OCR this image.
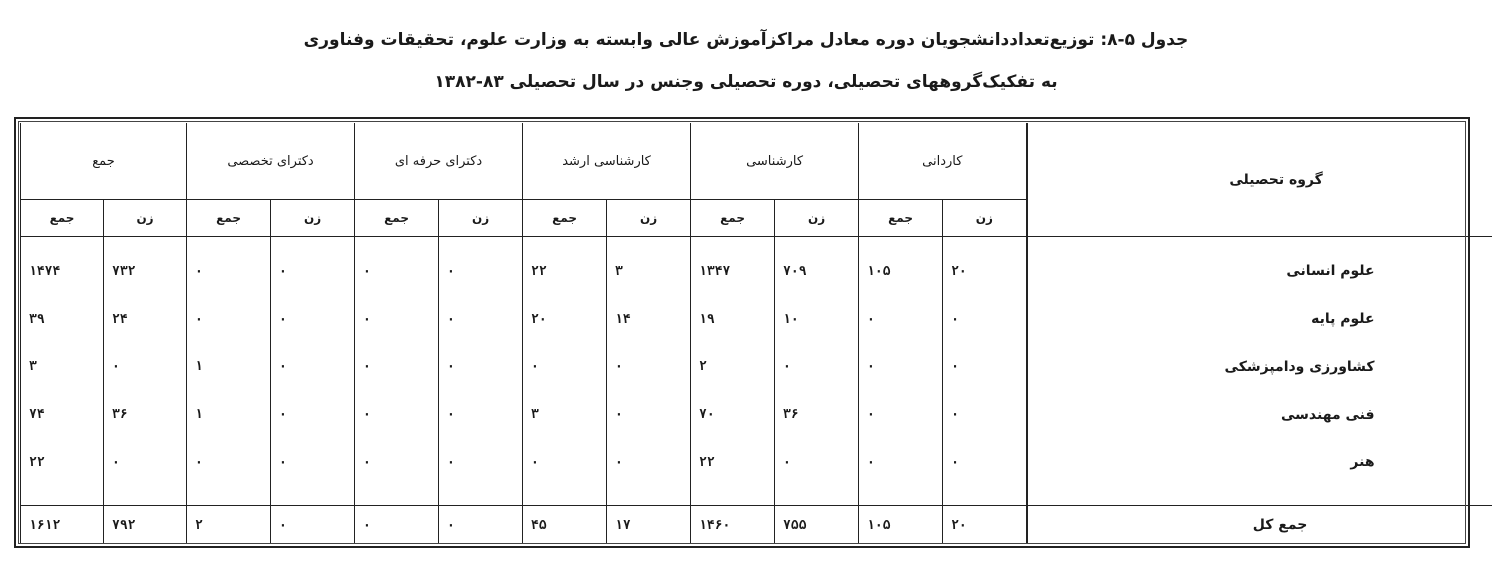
جدول ۵-۸: توزیع‌تعداددانشجویان دوره معادل مراکزآموزش عالی وابسته به وزارت علوم، تحقیقات وفناوری
به تفکیک‌گروههای تحصیلی، دوره تحصیلی وجنس در سال تحصیلی ۸۳-۱۳۸۲
گروه تحصیلی	کاردانی		کارشناسی		کارشناسی ارشد		دکترای حرفه ای		دکترای تخصصی		جمع	
	زن	جمع	زن	جمع	زن	جمع	زن	جمع	زن	جمع	زن	جمع
علوم انسانی	۲۰	۱۰۵	۷۰۹	۱۳۴۷	۳	۲۲	۰	۰	۰	۰	۷۳۲	۱۴۷۴
علوم پایه	۰	۰	۱۰	۱۹	۱۴	۲۰	۰	۰	۰	۰	۲۴	۳۹
کشاورزی ودامپزشکی	۰	۰	۰	۲	۰	۰	۰	۰	۰	۱	۰	۳
فنی مهندسی	۰	۰	۳۶	۷۰	۰	۳	۰	۰	۰	۱	۳۶	۷۴
هنر	۰	۰	۰	۲۲	۰	۰	۰	۰	۰	۰	۰	۲۲

جمع کل	۲۰	۱۰۵	۷۵۵	۱۴۶۰	۱۷	۴۵	۰	۰	۰	۲	۷۹۲	۱۶۱۲
